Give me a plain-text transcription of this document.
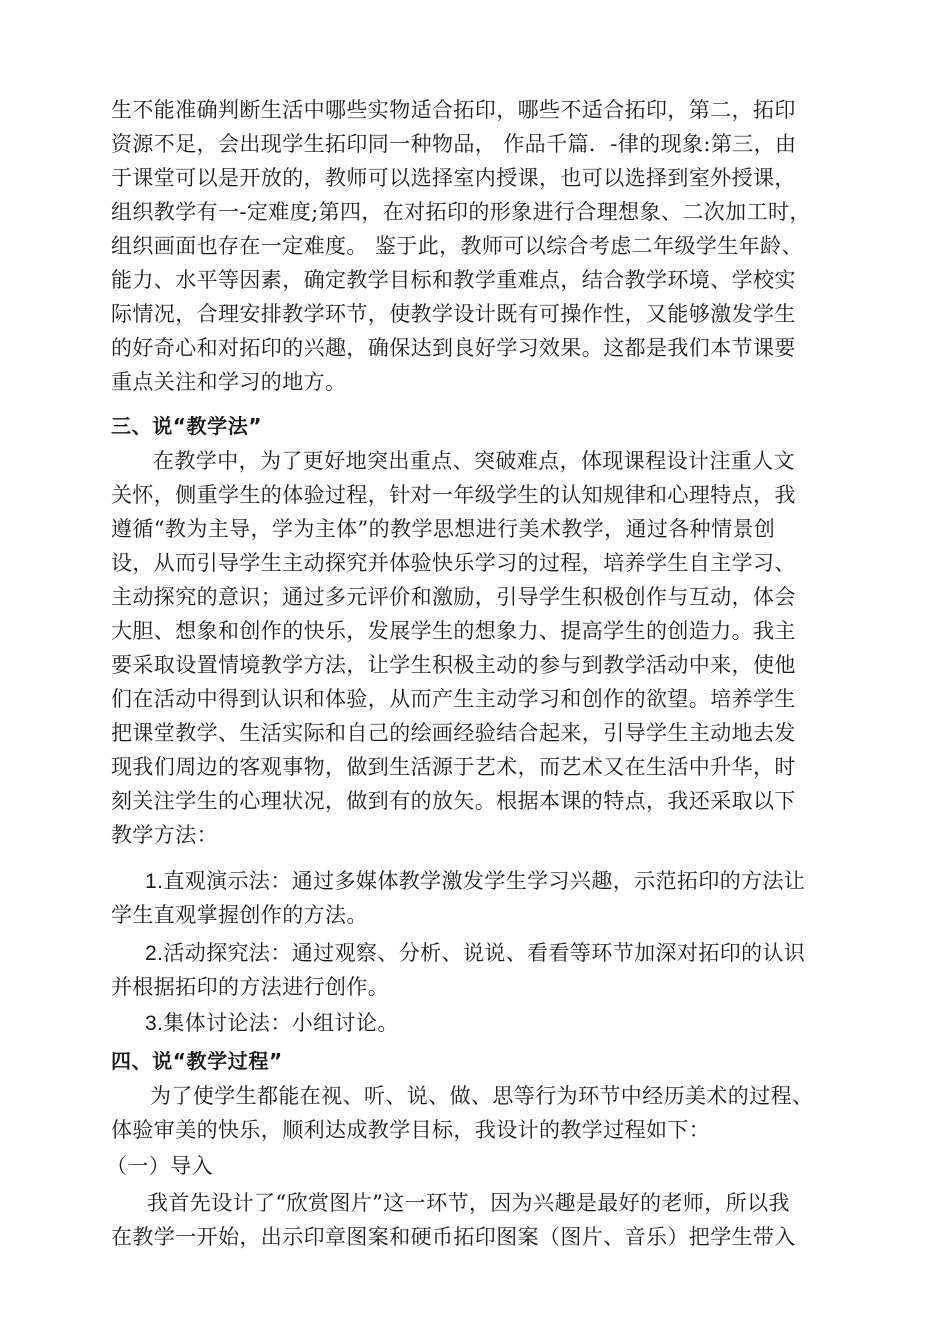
生不能准确判断生活中哪些实物适合拓印，哪些不适合拓印，第二，拓印
资源不足，会出现学生拓印同一种物品， 作品千篇．-律的现象:第三，由
于课堂可以是开放的，教师可以选择室内授课，也可以选择到室外授课，
组织教学有一-定难度;第四，在对拓印的形象进行合理想象、二次加工时，
组织画面也存在一定难度。 鉴于此，教师可以综合考虑二年级学生年龄、
能力、水平等因素，确定教学目标和教学重难点，结合教学环境、学校实
际情况，合理安排教学环节，使教学设计既有可操作性，又能够激发学生
的好奇心和对拓印的兴趣，确保达到良好学习效果。这都是我们本节课要
重点关注和学习的地方。
三、说“教学法”
在教学中，为了更好地突出重点、突破难点，体现课程设计注重人文
关怀，侧重学生的体验过程，针对一年级学生的认知规律和心理特点，我
遵循“教为主导，学为主体”的教学思想进行美术教学，通过各种情景创
设，从而引导学生主动探究并体验快乐学习的过程，培养学生自主学习、
主动探究的意识；通过多元评价和激励，引导学生积极创作与互动，体会
大胆、想象和创作的快乐，发展学生的想象力、提高学生的创造力。我主
要采取设置情境教学方法，让学生积极主动的参与到教学活动中来，使他
们在活动中得到认识和体验，从而产生主动学习和创作的欲望。培养学生
把课堂教学、生活实际和自己的绘画经验结合起来，引导学生主动地去发
现我们周边的客观事物，做到生活源于艺术，而艺术又在生活中升华，时
刻关注学生的心理状况，做到有的放矢。根据本课的特点，我还采取以下
教学方法：
1.直观演示法：通过多媒体教学激发学生学习兴趣，示范拓印的方法让
学生直观掌握创作的方法。
2.活动探究法：通过观察、分析、说说、看看等环节加深对拓印的认识
并根据拓印的方法进行创作。
3.集体讨论法：小组讨论。
四、说“教学过程”
为了使学生都能在视、听、说、做、思等行为环节中经历美术的过程、
体验审美的快乐，顺利达成教学目标，我设计的教学过程如下：
（一）导入
我首先设计了“欣赏图片”这一环节，因为兴趣是最好的老师，所以我
在教学一开始，出示印章图案和硬币拓印图案（图片、音乐）把学生带入
